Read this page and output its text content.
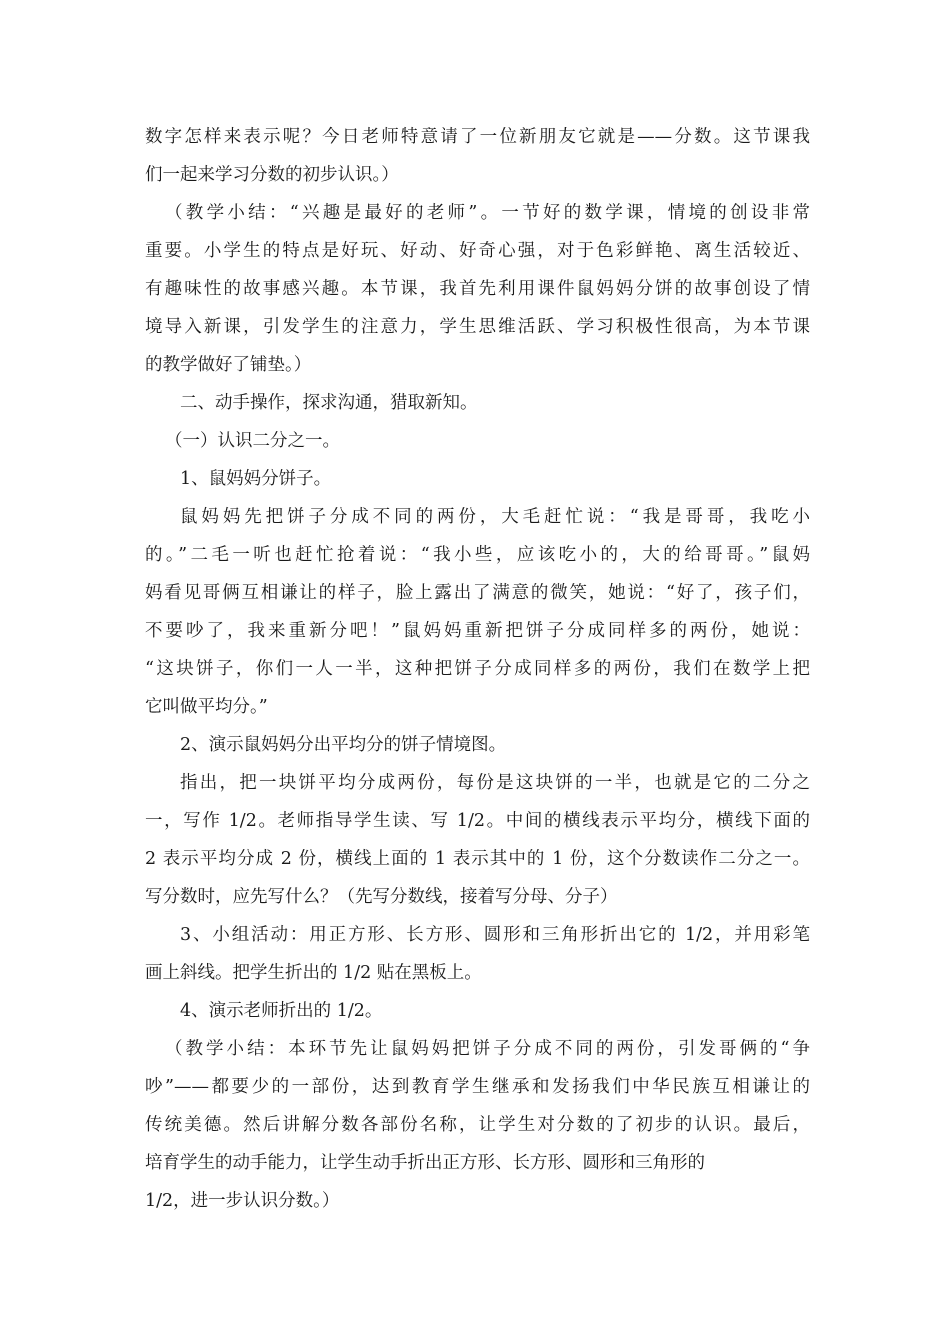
数字怎样来表示呢？今日老师特意请了一位新朋友它就是——分数。这节课我
们一起来学习分数的初步认识。）
（教学小结：“兴趣是最好的老师”。一节好的数学课，情境的创设非常
重要。小学生的特点是好玩、好动、好奇心强，对于色彩鲜艳、离生活较近、
有趣味性的故事感兴趣。本节课，我首先利用课件鼠妈妈分饼的故事创设了情
境导入新课，引发学生的注意力，学生思维活跃、学习积极性很高，为本节课
的教学做好了铺垫。）
二、动手操作，探求沟通，猎取新知。
（一）认识二分之一。
1、鼠妈妈分饼子。
鼠妈妈先把饼子分成不同的两份，大毛赶忙说：“我是哥哥，我吃小
的。”二毛一听也赶忙抢着说：“我小些，应该吃小的，大的给哥哥。”鼠妈
妈看见哥俩互相谦让的样子，脸上露出了满意的微笑，她说：“好了，孩子们，
不要吵了，我来重新分吧！”鼠妈妈重新把饼子分成同样多的两份，她说：
“这块饼子，你们一人一半，这种把饼子分成同样多的两份，我们在数学上把
它叫做平均分。”
2、演示鼠妈妈分出平均分的饼子情境图。
指出，把一块饼平均分成两份，每份是这块饼的一半，也就是它的二分之
一，写作 1/2。老师指导学生读、写 1/2。中间的横线表示平均分，横线下面的
2 表示平均分成 2 份，横线上面的 1 表示其中的 1 份，这个分数读作二分之一。
写分数时，应先写什么？（先写分数线，接着写分母、分子）
3、小组活动：用正方形、长方形、圆形和三角形折出它的 1/2，并用彩笔
画上斜线。把学生折出的 1/2 贴在黑板上。
4、演示老师折出的 1/2。
（教学小结：本环节先让鼠妈妈把饼子分成不同的两份，引发哥俩的“争
吵”——都要少的一部份，达到教育学生继承和发扬我们中华民族互相谦让的
传统美德。然后讲解分数各部份名称，让学生对分数的了初步的认识。最后，
培育学生的动手能力，让学生动手折出正方形、长方形、圆形和三角形的
1/2，进一步认识分数。）
